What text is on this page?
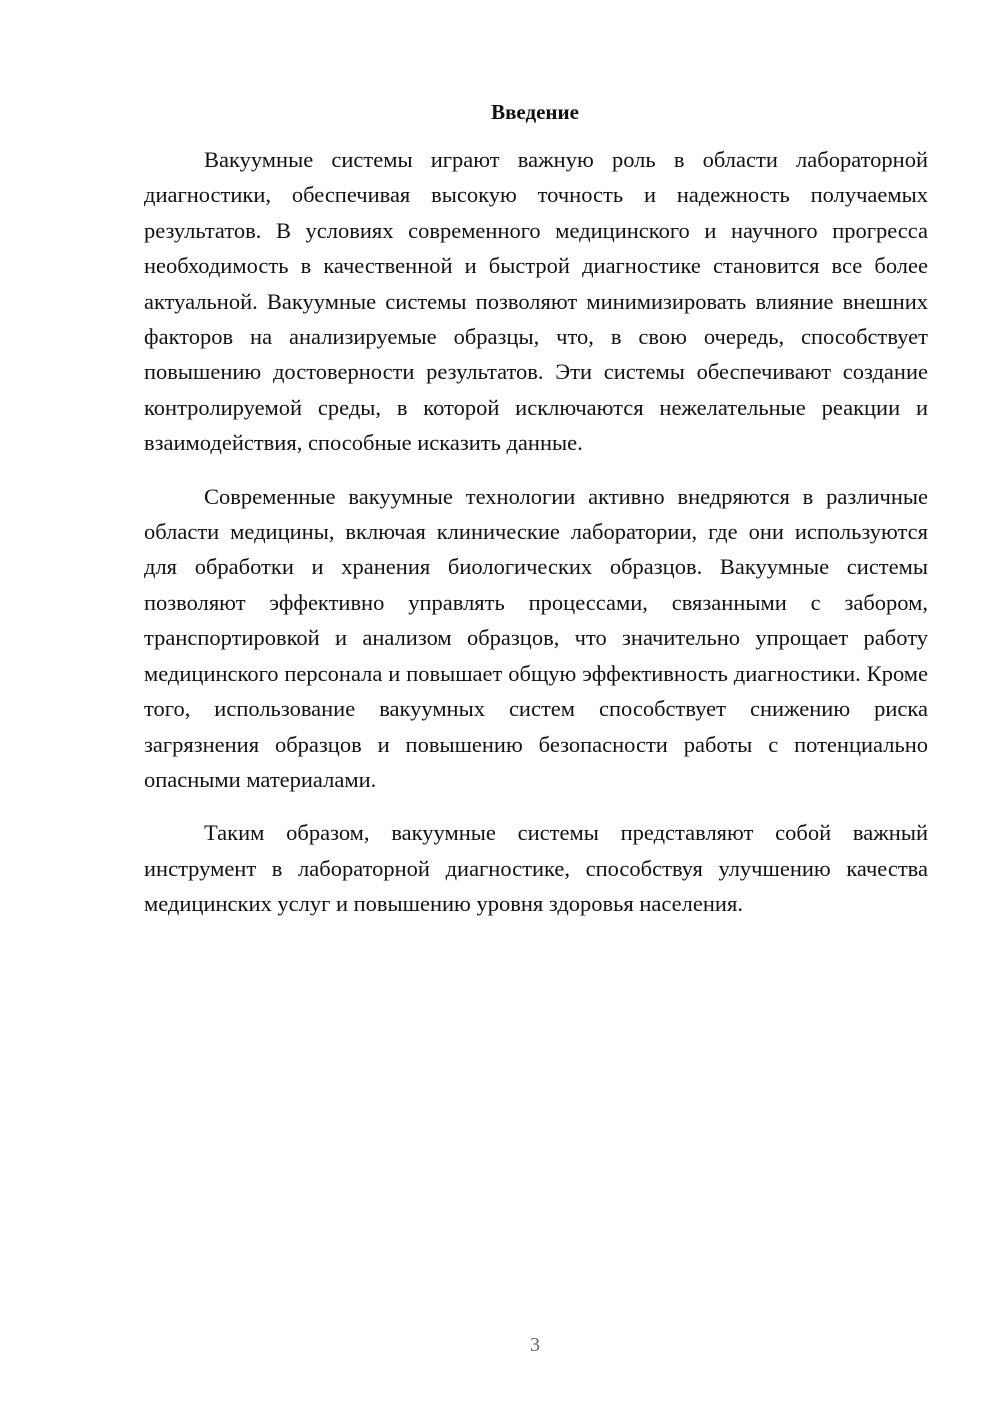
Введение

Вакуумные системы играют важную роль в области лабораторной диагностики, обеспечивая высокую точность и надежность получаемых результатов. В условиях современного медицинского и научного прогресса необходимость в качественной и быстрой диагностике становится все более актуальной. Вакуумные системы позволяют минимизировать влияние внешних факторов на анализируемые образцы, что, в свою очередь, способствует повышению достоверности результатов. Эти системы обеспечивают создание контролируемой среды, в которой исключаются нежелательные реакции и взаимодействия, способные исказить данные.

Современные вакуумные технологии активно внедряются в различные области медицины, включая клинические лаборатории, где они используются для обработки и хранения биологических образцов. Вакуумные системы позволяют эффективно управлять процессами, связанными с забором, транспортировкой и анализом образцов, что значительно упрощает работу медицинского персонала и повышает общую эффективность диагностики. Кроме того, использование вакуумных систем способствует снижению риска загрязнения образцов и повышению безопасности работы с потенциально опасными материалами.

Таким образом, вакуумные системы представляют собой важный инструмент в лабораторной диагностике, способствуя улучшению качества медицинских услуг и повышению уровня здоровья населения.

3
